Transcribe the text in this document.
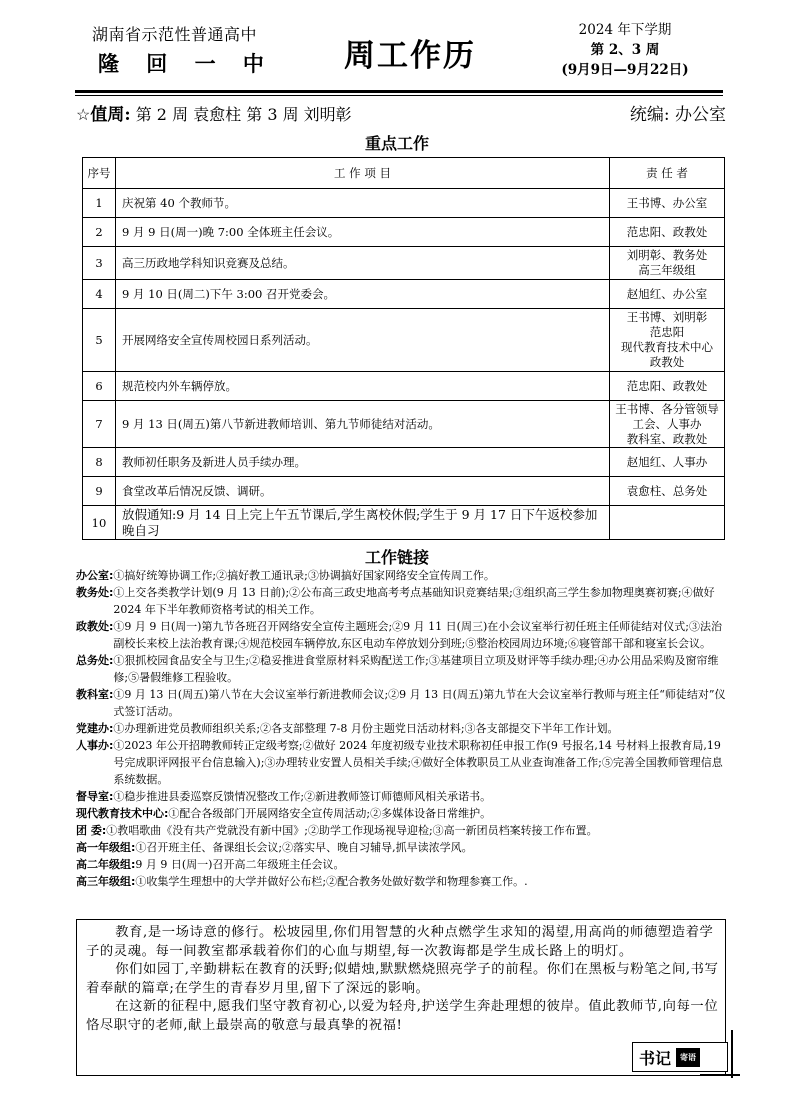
湖南省示范性普通高中
隆 回 一 中 周工作历
2024 年下学期
第 2、3 周
(9月9日—9月22日)
☆值周: 第 2 周 袁愈柱 第 3 周 刘明彰	统编: 办公室
重点工作
序号	工 作 项 目	责 任 者
1	庆祝第 40 个教师节。	王书博、办公室

2	9 月 9 日(周一)晚 7:00 全体班主任会议。	范忠阳、政教处

3	高三历政地学科知识竞赛及总结。	刘明彰、教务处
高三年级组

4	9 月 10 日(周二)下午 3:00 召开党委会。	赵旭红、办公室

5	开展网络安全宣传周校园日系列活动。	王书博、刘明彰
范忠阳
现代教育技术中心
政教处

6	规范校内外车辆停放。	范忠阳、政教处

7	9 月 13 日(周五)第八节新进教师培训、第九节师徒结对活动。	王书博、各分管领导
工会、人事办
教科室、政教处

8	教师初任职务及新进人员手续办理。	赵旭红、人事办

9	食堂改革后情况反馈、调研。	袁愈柱、总务处

10	放假通知:9 月 14 日上完上午五节课后,学生离校休假;学生于 9 月 17 日下午返校参加晚自习	
工作链接
办公室: ①搞好统筹协调工作;②搞好教工通讯录;③协调搞好国家网络安全宣传周工作。
教务处: ①上交各类教学计划(9 月 13 日前);②公布高三政史地高考考点基础知识竞赛结果;③组织高三学生参加物理奥赛初赛;④做好 2024 年下半年教师资格考试的相关工作。
政教处: ①9 月 9 日(周一)第九节各班召开网络安全宣传主题班会;②9 月 11 日(周三)在小会议室举行初任班主任师徒结对仪式;③法治副校长来校上法治教育课;④规范校园车辆停放,东区电动车停放划分到班;⑤整治校园周边环境;⑥寝管部干部和寝室长会议。
总务处: ①狠抓校园食品安全与卫生;②稳妥推进食堂原材料采购配送工作;③基建项目立项及财评等手续办理;④办公用品采购及窗帘维修;⑤暑假维修工程验收。
教科室: ①9 月 13 日(周五)第八节在大会议室举行新进教师会议;②9 月 13 日(周五)第九节在大会议室举行教师与班主任“师徒结对”仪式签订活动。
党建办: ①办理新进党员教师组织关系;②各支部整理 7-8 月份主题党日活动材料;③各支部提交下半年工作计划。
人事办: ①2023 年公开招聘教师转正定级考察;②做好 2024 年度初级专业技术职称初任申报工作(9 号报名,14 号材料上报教育局,19 号完成职评网报平台信息输入);③办理转业安置人员相关手续;④做好全体教职员工从业查询准备工作;⑤完善全国教师管理信息系统数据。
督导室: ①稳步推进县委巡察反馈情况整改工作;②新进教师签订师德师风相关承诺书。
现代教育技术中心: ①配合各级部门开展网络安全宣传周活动;②多媒体设备日常维护。
团 委: ①教唱歌曲《没有共产党就没有新中国》;②助学工作现场视导迎检;③高一新团员档案转接工作布置。
高一年级组: ①召开班主任、备课组长会议;②落实早、晚自习辅导,抓早读浓学风。
高二年级组: 9 月 9 日(周一)召开高二年级班主任会议。
高三年级组: ①收集学生理想中的大学并做好公布栏;②配合教务处做好数学和物理参赛工作。.

教育,是一场诗意的修行。松坡园里,你们用智慧的火种点燃学生求知的渴望,用高尚的师德塑造着学子的灵魂。每一间教室都承载着你们的心血与期望,每一次教诲都是学生成长路上的明灯。

你们如园丁,辛勤耕耘在教育的沃野;似蜡烛,默默燃烧照亮学子的前程。你们在黑板与粉笔之间,书写着奉献的篇章;在学生的青春岁月里,留下了深远的影响。

在这新的征程中,愿我们坚守教育初心,以爱为轻舟,护送学生奔赴理想的彼岸。值此教师节,向每一位恪尽职守的老师,献上最崇高的敬意与最真挚的祝福!

书记	寄语
